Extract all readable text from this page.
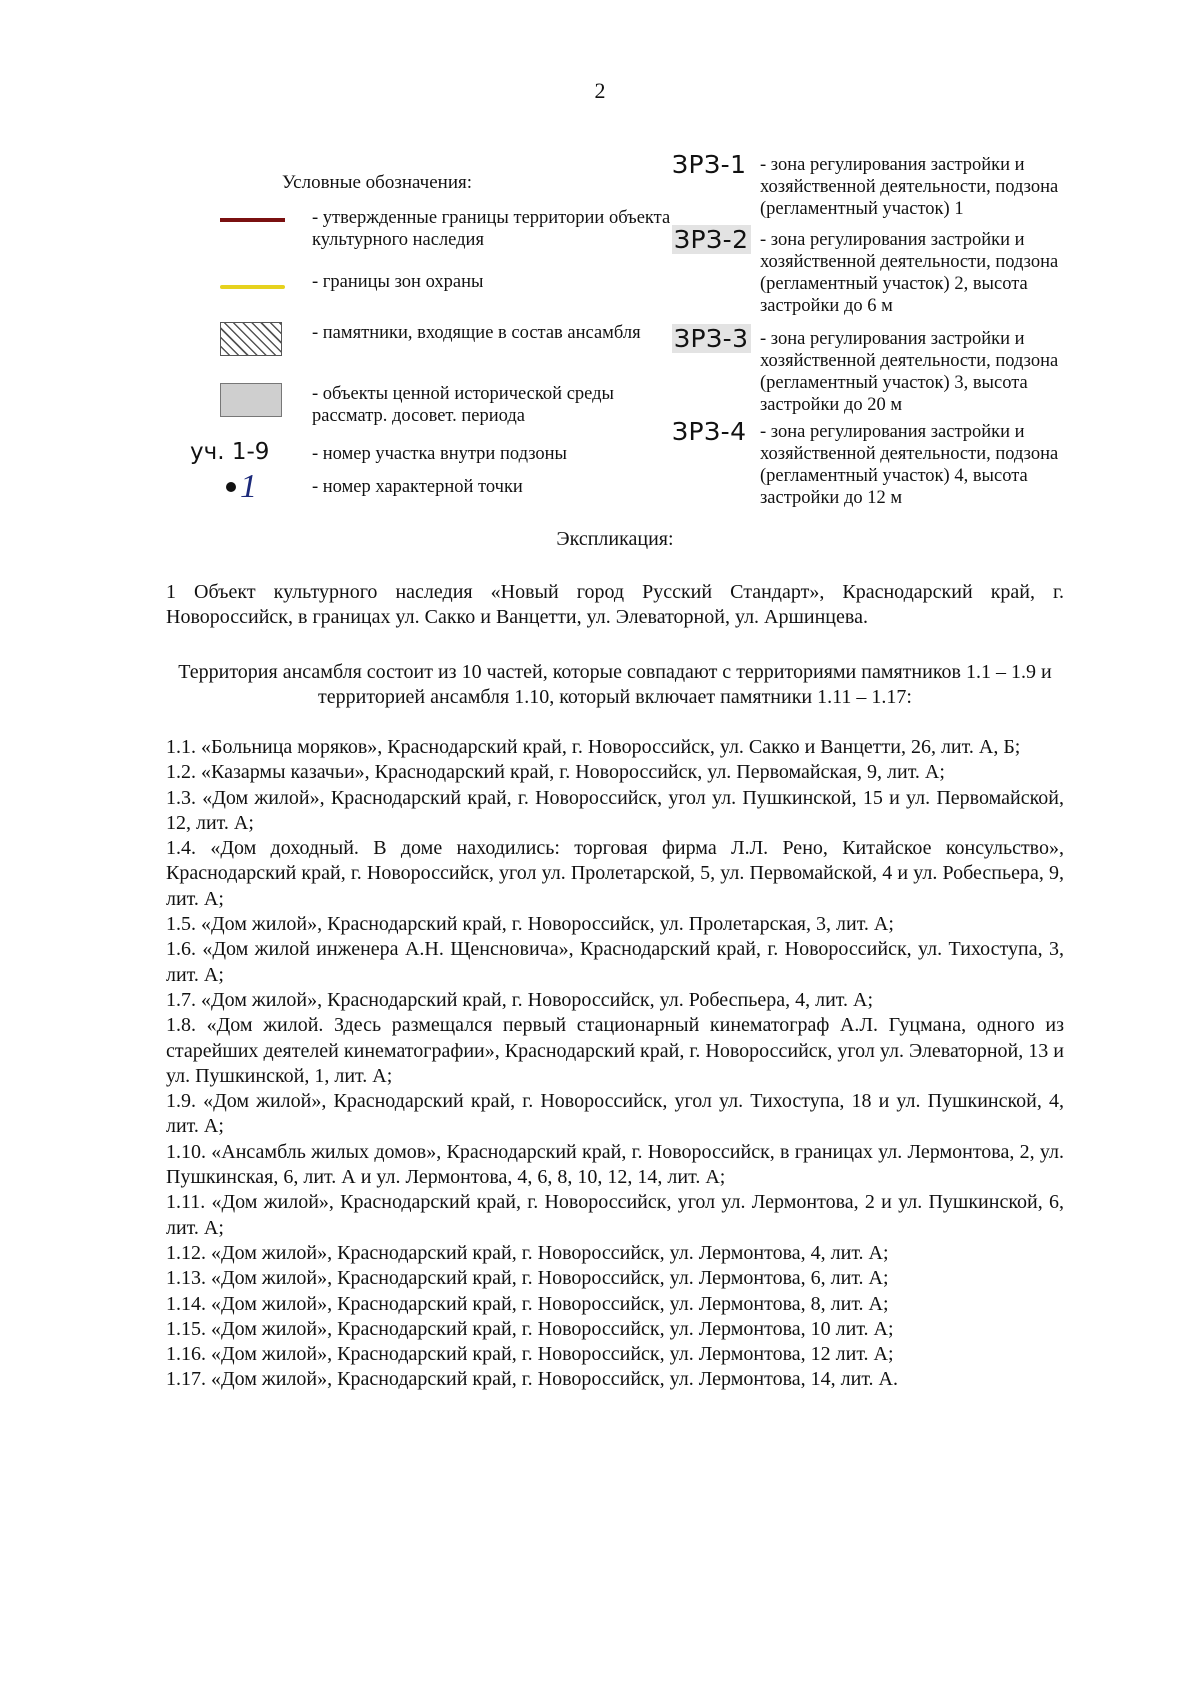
2
Условные обозначения:
- утвержденные границы территории объекта культурного наследия
- границы зон охраны
- памятники, входящие в состав ансамбля
- объекты ценной исторической среды рассматр. досовет. периода
уч. 1-9 - номер участка внутри подзоны
1	- номер характерной точки
ЗРЗ-1 - зона регулирования застройки и хозяйственной деятельности, подзона (регламентный участок) 1
ЗРЗ-2 - зона регулирования застройки и хозяйственной деятельности, подзона (регламентный участок) 2, высота застройки до 6 м
ЗРЗ-3 - зона регулирования застройки и хозяйственной деятельности, подзона (регламентный участок) 3, высота застройки до 20 м
ЗРЗ-4 - зона регулирования застройки и хозяйственной деятельности, подзона (регламентный участок) 4, высота застройки до 12 м
Экспликация:
1 Объект культурного наследия «Новый город Русский Стандарт», Краснодарский край, г. Новороссийск, в границах ул. Сакко и Ванцетти, ул. Элеваторной, ул. Аршинцева.
Территория ансамбля состоит из 10 частей, которые совпадают с территориями памятников 1.1 – 1.9 и территорией ансамбля 1.10, который включает памятники 1.11 – 1.17:
1.1. «Больница моряков», Краснодарский край, г. Новороссийск, ул. Сакко и Ванцетти, 26, лит. А, Б;
1.2. «Казармы казачьи», Краснодарский край, г. Новороссийск, ул. Первомайская, 9, лит. А;
1.3. «Дом жилой», Краснодарский край, г. Новороссийск, угол ул. Пушкинской, 15 и ул. Первомайской, 12, лит. А;
1.4. «Дом доходный. В доме находились: торговая фирма Л.Л. Рено, Китайское консульство», Краснодарский край, г. Новороссийск, угол ул. Пролетарской, 5, ул. Первомайской, 4 и ул. Робеспьера, 9, лит. А;
1.5. «Дом жилой», Краснодарский край, г. Новороссийск, ул. Пролетарская, 3, лит. А;
1.6. «Дом жилой инженера А.Н. Щенсновича», Краснодарский край, г. Новороссийск, ул. Тихоступа, 3, лит. А;
1.7. «Дом жилой», Краснодарский край, г. Новороссийск, ул. Робеспьера, 4, лит. А;
1.8. «Дом жилой. Здесь размещался первый стационарный кинематограф А.Л. Гуцмана, одного из старейших деятелей кинематографии», Краснодарский край, г. Новороссийск, угол ул. Элеваторной, 13 и ул. Пушкинской, 1, лит. А;
1.9. «Дом жилой», Краснодарский край, г. Новороссийск, угол ул. Тихоступа, 18 и ул. Пушкинской, 4, лит. А;
1.10. «Ансамбль жилых домов», Краснодарский край, г. Новороссийск, в границах ул. Лермонтова, 2, ул. Пушкинская, 6, лит. А и ул. Лермонтова, 4, 6, 8, 10, 12, 14, лит. А;
1.11. «Дом жилой», Краснодарский край, г. Новороссийск, угол ул. Лермонтова, 2 и ул. Пушкинской, 6, лит. А;
1.12. «Дом жилой», Краснодарский край, г. Новороссийск, ул. Лермонтова, 4, лит. А;
1.13. «Дом жилой», Краснодарский край, г. Новороссийск, ул. Лермонтова, 6, лит. А;
1.14. «Дом жилой», Краснодарский край, г. Новороссийск, ул. Лермонтова, 8, лит. А;
1.15. «Дом жилой», Краснодарский край, г. Новороссийск, ул. Лермонтова, 10 лит. А;
1.16. «Дом жилой», Краснодарский край, г. Новороссийск, ул. Лермонтова, 12 лит. А;
1.17. «Дом жилой», Краснодарский край, г. Новороссийск, ул. Лермонтова, 14, лит. А.
